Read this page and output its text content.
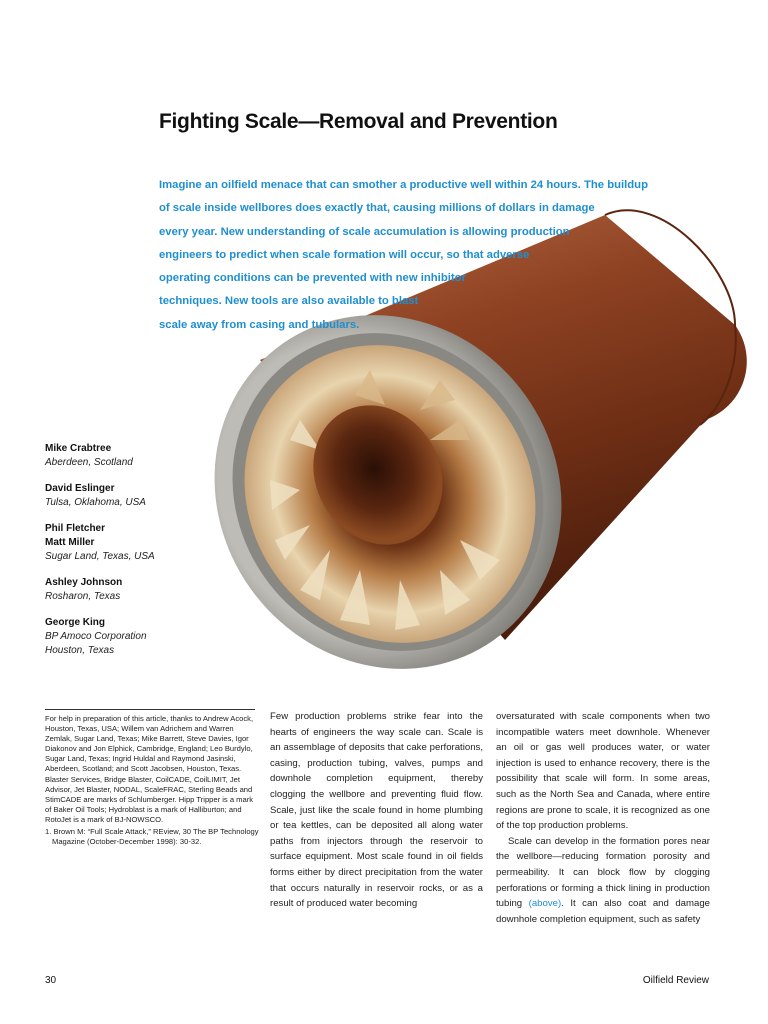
Fighting Scale—Removal and Prevention
Imagine an oilfield menace that can smother a productive well within 24 hours. The buildup
of scale inside wellbores does exactly that, causing millions of dollars in damage
every year. New understanding of scale accumulation is allowing production
engineers to predict when scale formation will occur, so that adverse
operating conditions can be prevented with new inhibitor
techniques. New tools are also available to blast
scale away from casing and tubulars.
Mike Crabtree
Aberdeen, Scotland
David Eslinger
Tulsa, Oklahoma, USA
Phil Fletcher
Matt Miller
Sugar Land, Texas, USA
Ashley Johnson
Rosharon, Texas
George King
BP Amoco Corporation
Houston, Texas

For help in preparation of this article, thanks to Andrew Acock, Houston, Texas, USA; Willem van Adrichem and Warren Zemlak, Sugar Land, Texas; Mike Barrett, Steve Davies, Igor Diakonov and Jon Elphick, Cambridge, England; Leo Burdylo, Sugar Land, Texas; Ingrid Huldal and Raymond Jasinski, Aberdeen, Scotland; and Scott Jacobsen, Houston, Texas.

Blaster Services, Bridge Blaster, CoilCADE, CoilLIMIT, Jet Advisor, Jet Blaster, NODAL, ScaleFRAC, Sterling Beads and StimCADE are marks of Schlumberger. Hipp Tripper is a mark of Baker Oil Tools; Hydroblast is a mark of Halliburton; and RotoJet is a mark of BJ-NOWSCO.

1. Brown M: “Full Scale Attack,” REview, 30 The BP Technology Magazine (October-December 1998): 30-32.

Few production problems strike fear into the hearts of engineers the way scale can. Scale is an assemblage of deposits that cake perforations, casing, production tubing, valves, pumps and downhole completion equipment, thereby clogging the wellbore and preventing fluid flow. Scale, just like the scale found in home plumbing or tea kettles, can be deposited all along water paths from injectors through the reservoir to surface equipment. Most scale found in oil fields forms either by direct precipitation from the water that occurs naturally in reservoir rocks, or as a result of produced water becoming

oversaturated with scale components when two incompatible waters meet downhole. Whenever an oil or gas well produces water, or water injection is used to enhance recovery, there is the possibility that scale will form. In some areas, such as the North Sea and Canada, where entire regions are prone to scale, it is recognized as one of the top production problems.

Scale can develop in the formation pores near the wellbore—reducing formation porosity and permeability. It can block flow by clogging perforations or forming a thick lining in production tubing (above). It can also coat and damage downhole completion equipment, such as safety

30	Oilfield Review
